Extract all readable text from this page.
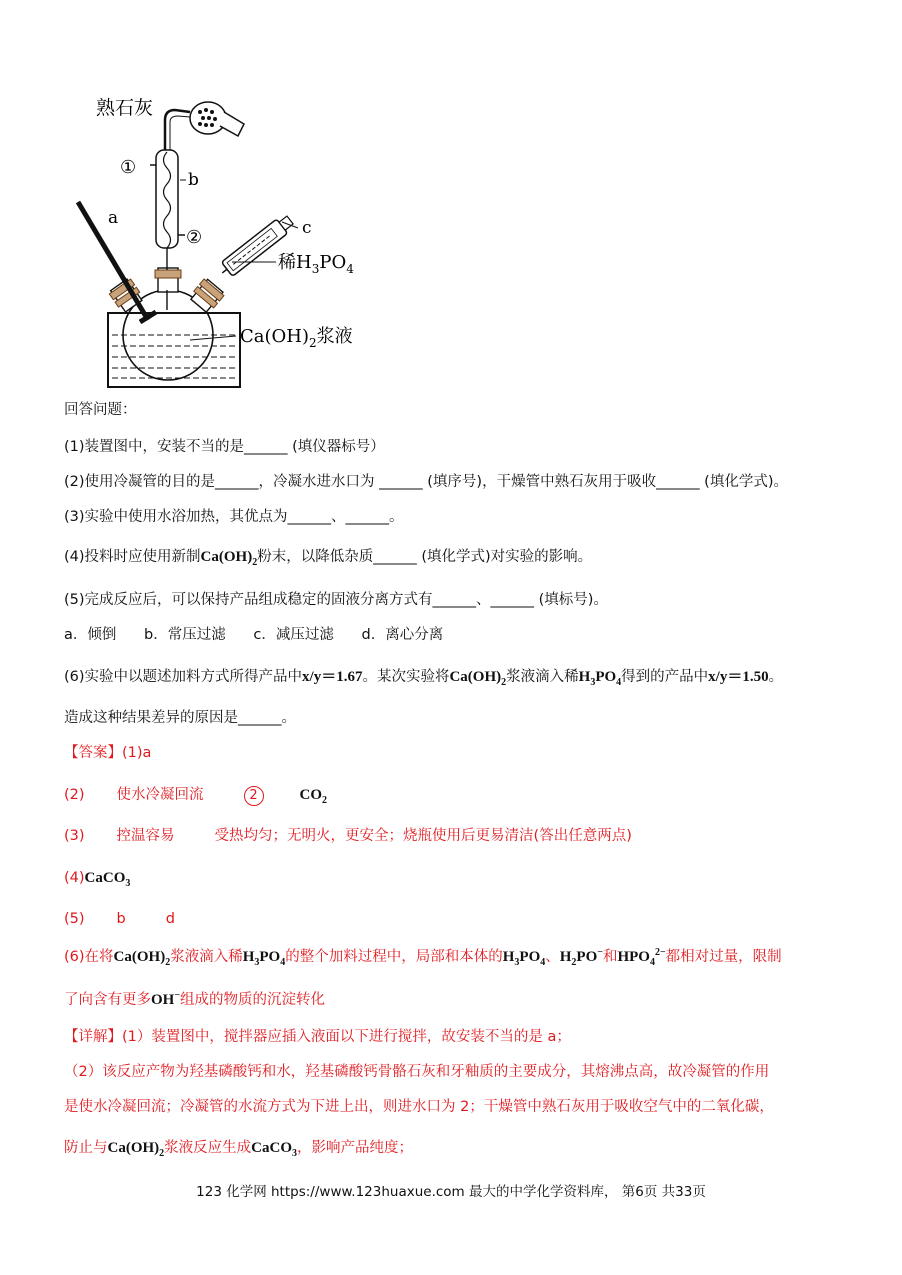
熟石灰
①
b
a
②	c
稀$H_3PO_4$
$Ca(OH)_2$浆液
回答问题：
(1)装置图中，安装不当的是______ (填仪器标号）
(2)使用冷凝管的目的是______，冷凝水进水口为 ______ (填序号)，干燥管中熟石灰用于吸收______ (填化学式)。
(3)实验中使用水浴加热，其优点为______、______。
(4)投料时应使用新制$Ca(OH)_2$粉末，以降低杂质______ (填化学式)对实验的影响。
(5)完成反应后，可以保持产品组成稳定的固液分离方式有______、______ (填标号)。
a．倾倒      b．常压过滤      c．减压过滤      d．离心分离
(6)实验中以题述加料方式所得产品中x/y＝1.67。某次实验将$Ca(OH)_2$浆液滴入稀$H_3PO_4$得到的产品中x/y＝1.50。
造成这种结果差异的原因是______。
【答案】(1)a
(2) 使水冷凝回流	2	$CO_2$
(3) 控温容易	受热均匀；无明火，更安全；烧瓶使用后更易清洁(答出任意两点)
(4)CaCO$_3$
(5) b	d
(6)在将$Ca(OH)_2$浆液滴入稀$H_3PO_4$的整个加料过程中，局部和本体的$H_3PO_4$、$H_2PO^-$和$HPO_4^{2-}$都相对过量，限制
了向含有更多OH−组成的物质的沉淀转化
【详解】(1）装置图中，搅拌器应插入液面以下进行搅拌，故安装不当的是 a；
（2）该反应产物为羟基磷酸钙和水，羟基磷酸钙骨骼石灰和牙釉质的主要成分，其熔沸点高，故冷凝管的作用
是使水冷凝回流；冷凝管的水流方式为下进上出，则进水口为 2；干燥管中熟石灰用于吸收空气中的二氧化碳，
防止与$Ca(OH)_2$浆液反应生成CaCO$_3$，影响产品纯度；
123 化学网 https://www.123huaxue.com 最大的中学化学资料库， 第6页 共33页
